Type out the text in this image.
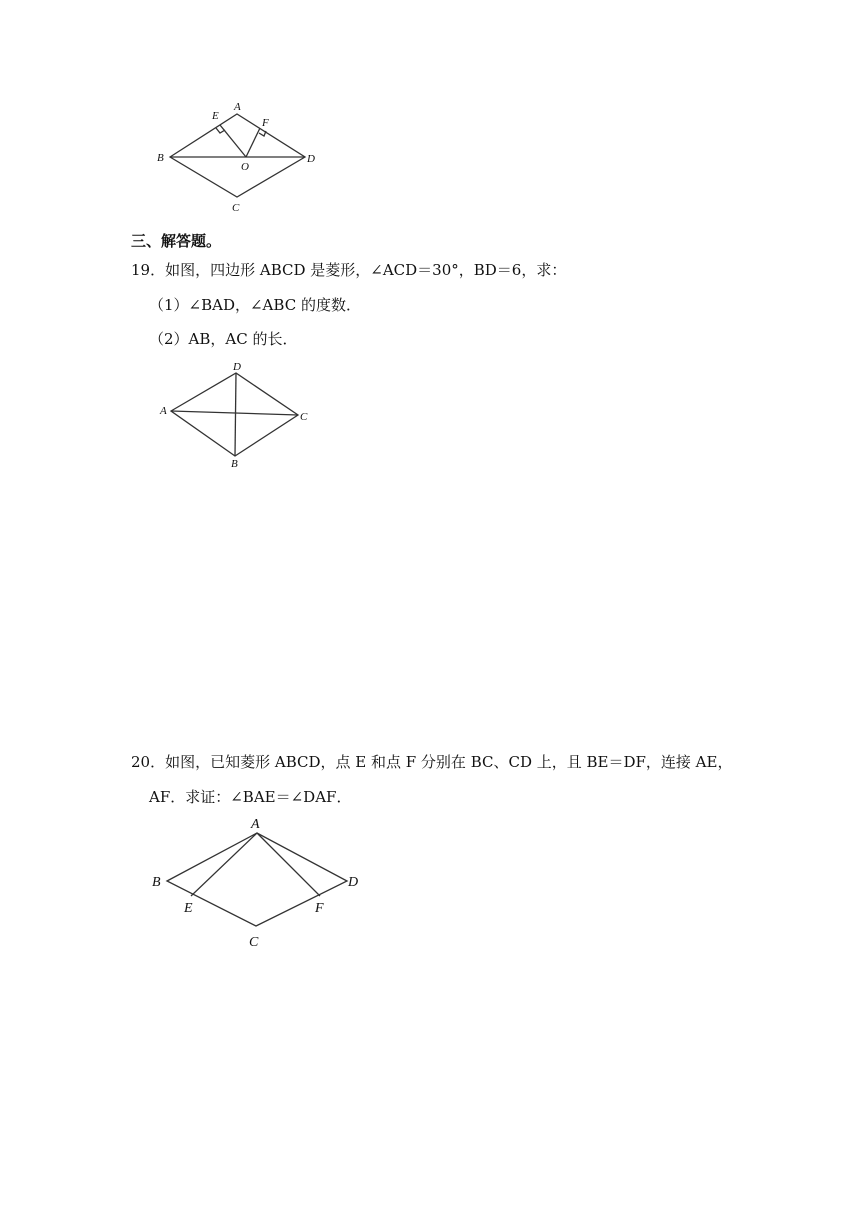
A
E
F
B	D
O
C
三、解答题。
19．如图，四边形 ABCD 是菱形，∠ACD＝30°，BD＝6，求：
（1）∠BAD，∠ABC 的度数．
（2）AB，AC 的长．
D
A	C
B
20．如图，已知菱形 ABCD，点 E 和点 F 分别在 BC、CD 上，且 BE＝DF，连接 AE，
AF．求证：∠BAE＝∠DAF．
A
B	D
E	F
C
